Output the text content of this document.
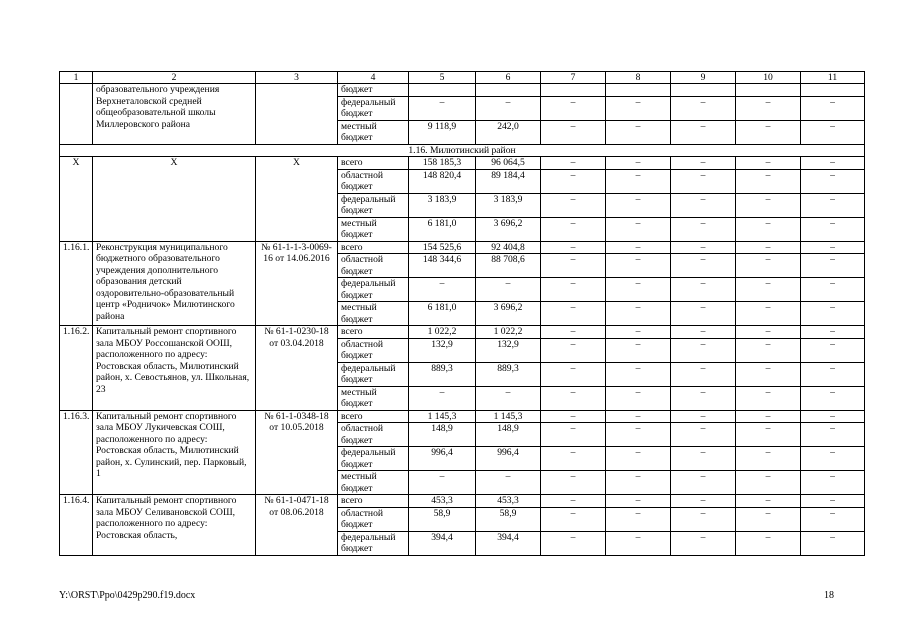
1	2	3	4	5	6	7	8	9	10	11
	образовательного учреждения Верхнеталовской средней общеобразовательной школы Миллеровского района		бюджет							
			федеральный бюджет	–	–	–	–	–	–	–
			местный бюджет	9 118,9	242,0	–	–	–	–	–
1.16. Милютинский район										
X	X	X	всего	158 185,3	96 064,5	–	–	–	–	–
			областной бюджет	148 820,4	89 184,4	–	–	–	–	–
			федеральный бюджет	3 183,9	3 183,9	–	–	–	–	–
			местный бюджет	6 181,0	3 696,2	–	–	–	–	–
1.16.1.	Реконструкция муниципального бюджетного образовательного учреждения дополнительного образования детский оздоровительно-образовательный центр «Родничок» Милютинского района	№ 61-1-1-3-0069-16 от 14.06.2016	всего	154 525,6	92 404,8	–	–	–	–	–
			областной бюджет	148 344,6	88 708,6	–	–	–	–	–
			федеральный бюджет	–	–	–	–	–	–	–
			местный бюджет	6 181,0	3 696,2	–	–	–	–	–
1.16.2.	Капитальный ремонт спортивного зала МБОУ Россошанской ООШ, расположенного по адресу: Ростовская область, Милютинский район, х. Севостьянов, ул. Школьная, 23	№ 61-1-0230-18 от 03.04.2018	всего	1 022,2	1 022,2	–	–	–	–	–
			областной бюджет	132,9	132,9	–	–	–	–	–
			федеральный бюджет	889,3	889,3	–	–	–	–	–
			местный бюджет	–	–	–	–	–	–	–
1.16.3.	Капитальный ремонт спортивного зала МБОУ Лукичевская СОШ, расположенного по адресу: Ростовская область, Милютинский район, х. Сулинский, пер. Парковый, 1	№ 61-1-0348-18 от 10.05.2018	всего	1 145,3	1 145,3	–	–	–	–	–
			областной бюджет	148,9	148,9	–	–	–	–	–
			федеральный бюджет	996,4	996,4	–	–	–	–	–
			местный бюджет	–	–	–	–	–	–	–
1.16.4.	Капитальный ремонт спортивного зала МБОУ Селивановской СОШ, расположенного по адресу: Ростовская область,	№ 61-1-0471-18 от 08.06.2018	всего	453,3	453,3	–	–	–	–	–
			областной бюджет	58,9	58,9	–	–	–	–	–
			федеральный бюджет	394,4	394,4	–	–	–	–	–
Y:\ORST\Ppo\0429p290.f19.docx	18
